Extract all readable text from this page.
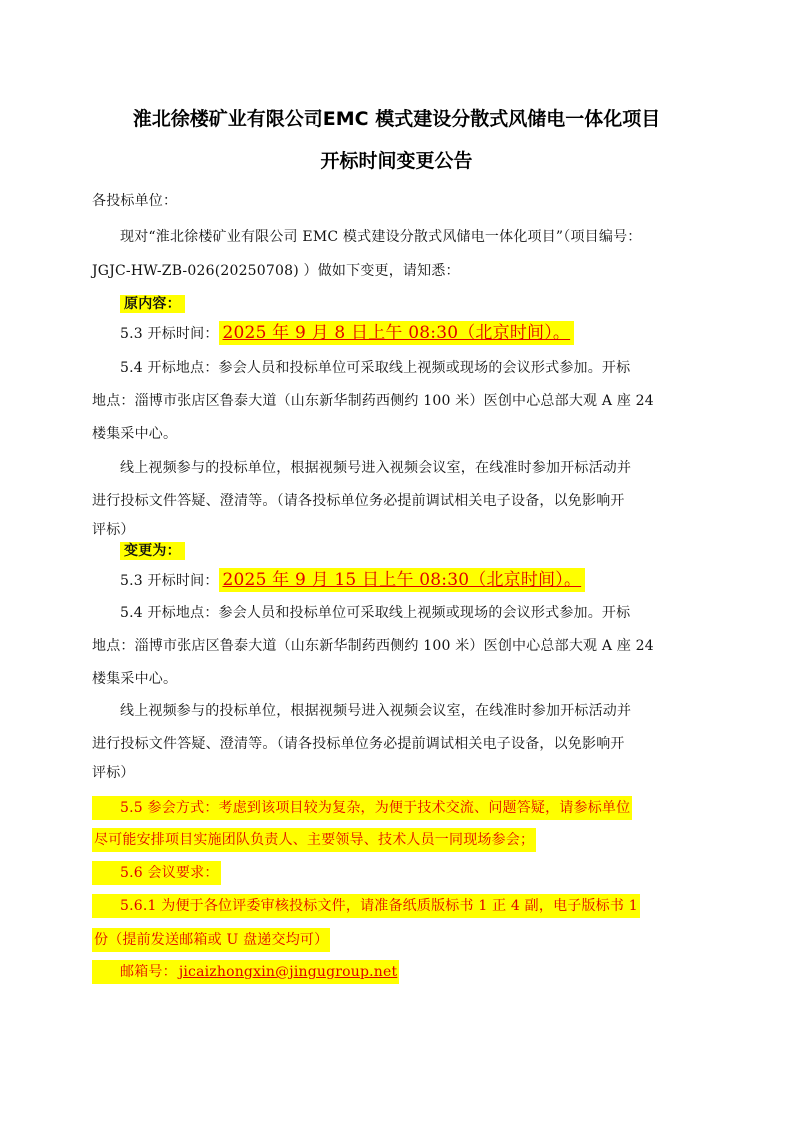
淮北徐楼矿业有限公司EMC 模式建设分散式风储电一体化项目
开标时间变更公告
各投标单位：
现对“淮北徐楼矿业有限公司 EMC 模式建设分散式风储电一体化项目”（项目编号：
JGJC-HW-ZB-026(20250708) ）做如下变更，请知悉：
原内容：
5.3 开标时间： 2025 年 9 月 8 日上午 08:30（北京时间）。
5.4 开标地点：参会人员和投标单位可采取线上视频或现场的会议形式参加。开标
地点：淄博市张店区鲁泰大道（山东新华制药西侧约 100 米）医创中心总部大观 A 座 24
楼集采中心。
线上视频参与的投标单位，根据视频号进入视频会议室，在线准时参加开标活动并
进行投标文件答疑、澄清等。（请各投标单位务必提前调试相关电子设备，以免影响开
评标）
变更为：
5.3 开标时间： 2025 年 9 月 15 日上午 08:30（北京时间）。
5.4 开标地点：参会人员和投标单位可采取线上视频或现场的会议形式参加。开标
地点：淄博市张店区鲁泰大道（山东新华制药西侧约 100 米）医创中心总部大观 A 座 24
楼集采中心。
线上视频参与的投标单位，根据视频号进入视频会议室，在线准时参加开标活动并
进行投标文件答疑、澄清等。（请各投标单位务必提前调试相关电子设备，以免影响开
评标）
5.5 参会方式：考虑到该项目较为复杂，为便于技术交流、问题答疑，请参标单位
尽可能安排项目实施团队负责人、主要领导、技术人员一同现场参会；
5.6 会议要求：
5.6.1 为便于各位评委审核投标文件，请准备纸质版标书 1 正 4 副，电子版标书 1
份（提前发送邮箱或 U 盘递交均可）
邮箱号： jicaizhongxin@jingugroup.net
